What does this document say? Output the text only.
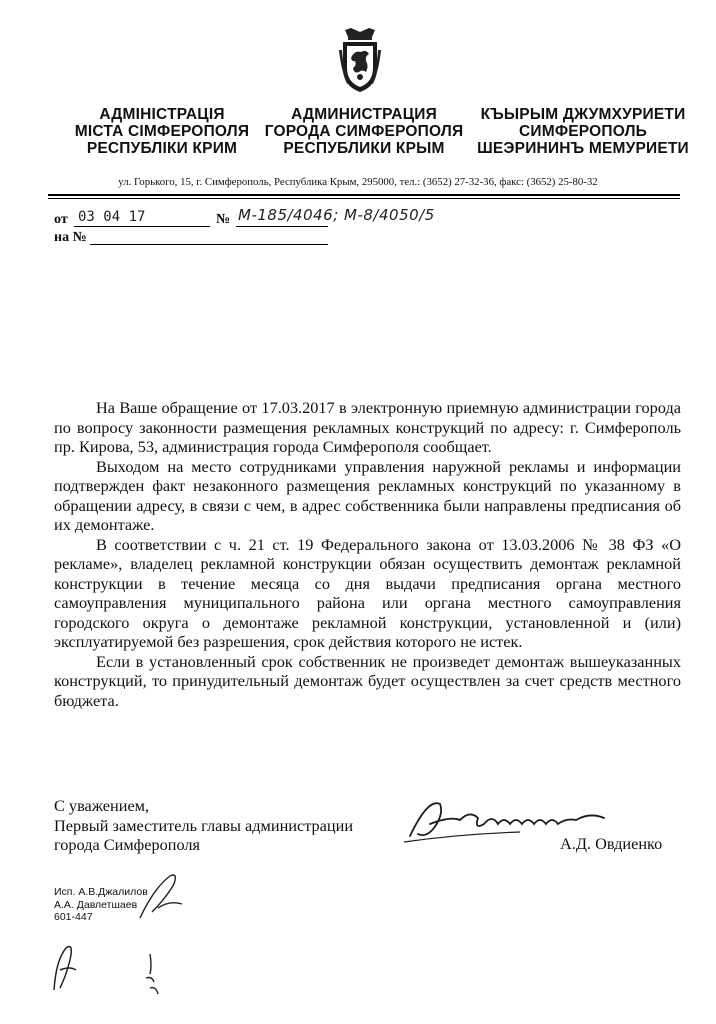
АДМІНІСТРАЦІЯ
МІСТА СІМФЕРОПОЛЯ
РЕСПУБЛІКИ КРИМ
АДМИНИСТРАЦИЯ
ГОРОДА СИМФЕРОПОЛЯ
РЕСПУБЛИКИ КРЫМ
КЪЫРЫМ ДЖУМХУРИЕТИ
СИМФЕРОПОЛЬ
ШЕЭРИНИНЪ МЕМУРИЕТИ
ул. Горького, 15, г. Симферополь, Республика Крым, 295000, тел.: (3652) 27-32-36, факс: (3652) 25-80-32
от 03 04 17	№ М-185/4046; М-8/4050/5
на №

На Ваше обращение от 17.03.2017 в электронную приемную администрации города по вопросу законности размещения рекламных конструкций по адресу: г. Симферополь пр. Кирова, 53, администрация города Симферополя сообщает.

Выходом на место сотрудниками управления наружной рекламы и информации подтвержден факт незаконного размещения рекламных конструкций по указанному в обращении адресу, в связи с чем, в адрес собственника были направлены предписания об их демонтаже.

В соответствии с ч. 21 ст. 19 Федерального закона от 13.03.2006 № 38 ФЗ «О рекламе», владелец рекламной конструкции обязан осуществить демонтаж рекламной конструкции в течение месяца со дня выдачи предписания органа местного самоуправления муниципального района или органа местного самоуправления городского округа о демонтаже рекламной конструкции, установленной и (или) эксплуатируемой без разрешения, срок действия которого не истек.

Если в установленный срок собственник не произведет демонтаж вышеуказанных конструкций, то принудительный демонтаж будет осуществлен за счет средств местного бюджета.

С уважением,
Первый заместитель главы администрации
города Симферополя	А.Д. Овдиенко
Исп. А.В.Джалилов
А.А. Давлетшаев
601-447
